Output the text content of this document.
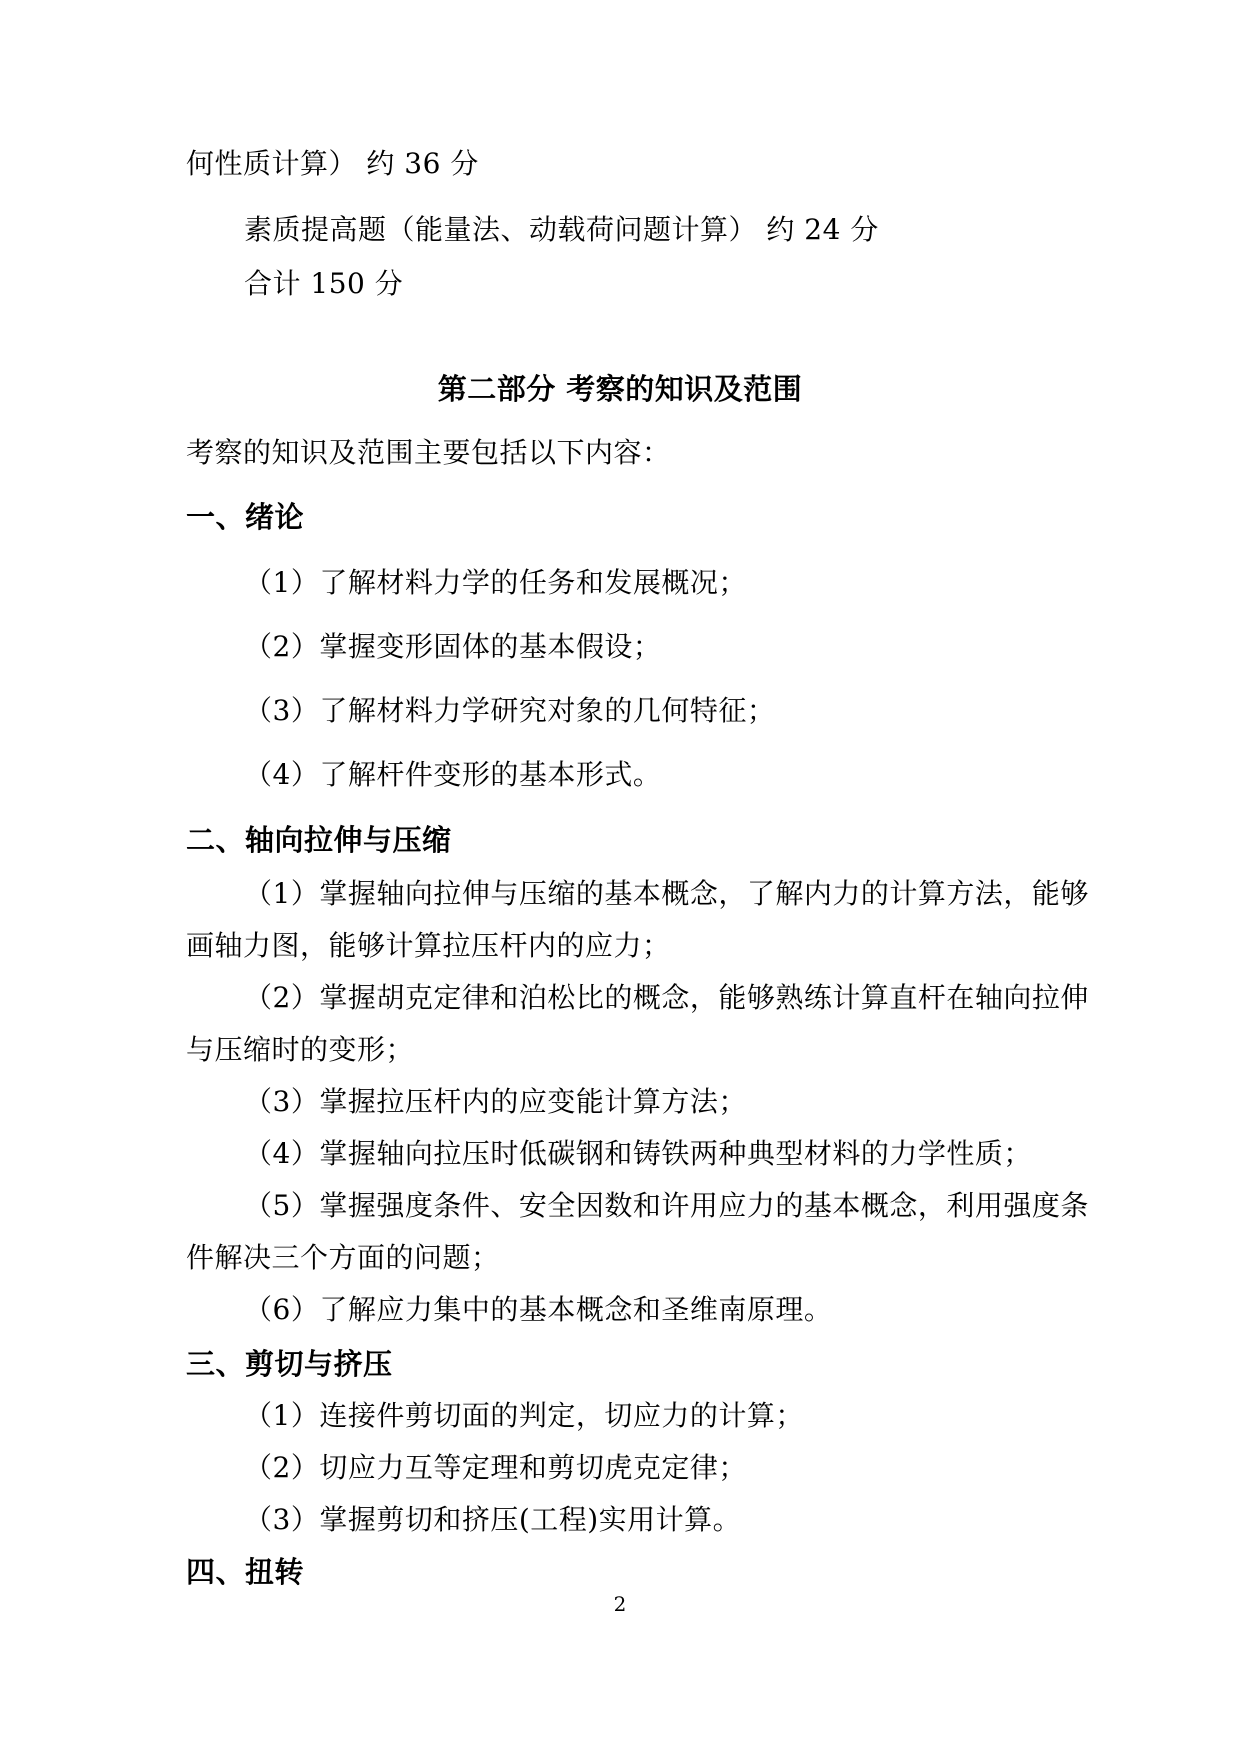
何性质计算） 约 36 分

素质提高题（能量法、动载荷问题计算） 约 24 分

合计 150 分

第二部分 考察的知识及范围

考察的知识及范围主要包括以下内容：

一、绪论

（1）了解材料力学的任务和发展概况；

（2）掌握变形固体的基本假设；

（3）了解材料力学研究对象的几何特征；

（4）了解杆件变形的基本形式。

二、轴向拉伸与压缩

（1）掌握轴向拉伸与压缩的基本概念，了解内力的计算方法，能够

画轴力图，能够计算拉压杆内的应力；

（2）掌握胡克定律和泊松比的概念，能够熟练计算直杆在轴向拉伸

与压缩时的变形；

（3）掌握拉压杆内的应变能计算方法；

（4）掌握轴向拉压时低碳钢和铸铁两种典型材料的力学性质；

（5）掌握强度条件、安全因数和许用应力的基本概念，利用强度条

件解决三个方面的问题；

（6）了解应力集中的基本概念和圣维南原理。

三、剪切与挤压

（1）连接件剪切面的判定，切应力的计算；

（2）切应力互等定理和剪切虎克定律；

（3）掌握剪切和挤压(工程)实用计算。

四、扭转

2
